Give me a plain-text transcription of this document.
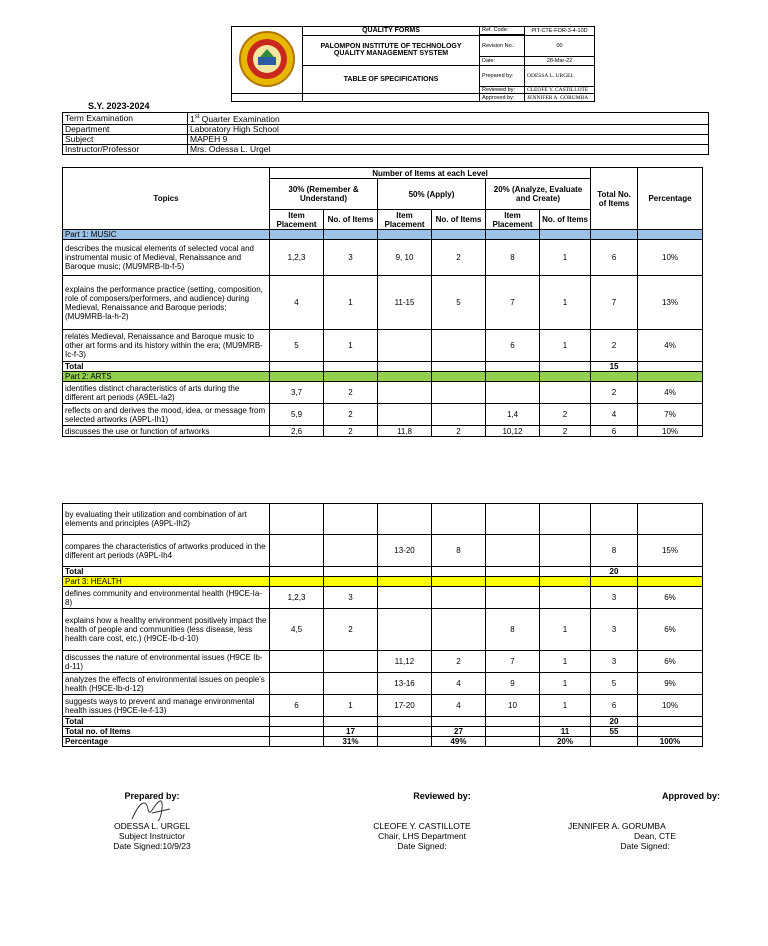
	QUALITY FORMS	Ref. Code:	PIT-CTE-FOR-3-4-10D

	PALOMPON INSTITUTE OF TECHNOLOGY
QUALITY MANAGEMENT SYSTEM	Revision No.:	00
		Date:	28-Mar-22
	TABLE OF SPECIFICATIONS	Prepared by:	ODESSA L. URGEL
		Reviewed by:	CLEOFE Y. CASTILLOTE
		Approved by:	JENNIFER A. GORUMBA
S.Y. 2023-2024
Term Examination	1st Quarter Examination
Department	Laboratory High School
Subject	MAPEH 9
Instructor/Professor	Mrs. Odessa L. Urgel
Topics	Number of Items at each Level						Total No. of Items	Percentage
	30% (Remember & Understand)		50% (Apply)		20% (Analyze, Evaluate and Create)			
	Item Placement	No. of Items	Item Placement	No. of Items	Item Placement	No. of Items		
Part 1: MUSIC								
describes the musical elements of selected vocal and instrumental music of Medieval, Renaissance and Baroque music; (MU9MRB-Ib-f-5)	1,2,3	3	9, 10	2	8	1	6	10%
explains the performance practice (setting, composition, role of composers/performers, and audience) during Medieval, Renaissance and Baroque periods; (MU9MRB-Ia-h-2)	4	1	11-15	5	7	1	7	13%
relates Medieval, Renaissance and Baroque music to other art forms and its history within the era; (MU9MRB-Ic-f-3)	5	1			6	1	2	4%
Total							15	
Part 2: ARTS								
identifies distinct characteristics of arts during the different art periods (A9EL-Ia2)	3,7	2					2	4%
reflects on and derives the mood, idea, or message from selected artworks (A9PL-Ih1)	5,9	2			1,4	2	4	7%
discusses the use or function of artworks	2,6	2	11,8	2	10,12	2	6	10%
by evaluating their utilization and combination of art elements and principles (A9PL-Ih2)								
compares the characteristics of artworks produced in the different art periods (A9PL-Ih4			13-20	8			8	15%
Total							20	
Part 3: HEALTH								
defines community and environmental health (H9CE-Ia-8)	1,2,3	3					3	6%
explains how a healthy environment positively impact the health of people and communities (less disease, less health care cost, etc.) (H9CE-Ib-d-10)	4,5	2			8	1	3	6%
discusses the nature of environmental issues (H9CE Ib-d-11)			11,12	2	7	1	3	6%
analyzes the effects of environmental issues on people's health (H9CE-Ib-d-12)			13-16	4	9	1	5	9%
suggests ways to prevent and manage environmental health issues (H9CE-Ie-f-13)	6	1	17-20	4	10	1	6	10%
Total							20	
Total no. of Items		17		27		11	55	
Percentage		31%		49%		20%		100%
Prepared by:
ODESSA L. URGEL
Subject Instructor
Date Signed:10/9/23
Reviewed by:
CLEOFE Y. CASTILLOTE
Chair, LHS Department
Date Signed:
Approved by:
JENNIFER A. GORUMBA
Dean, CTE
Date Signed:
